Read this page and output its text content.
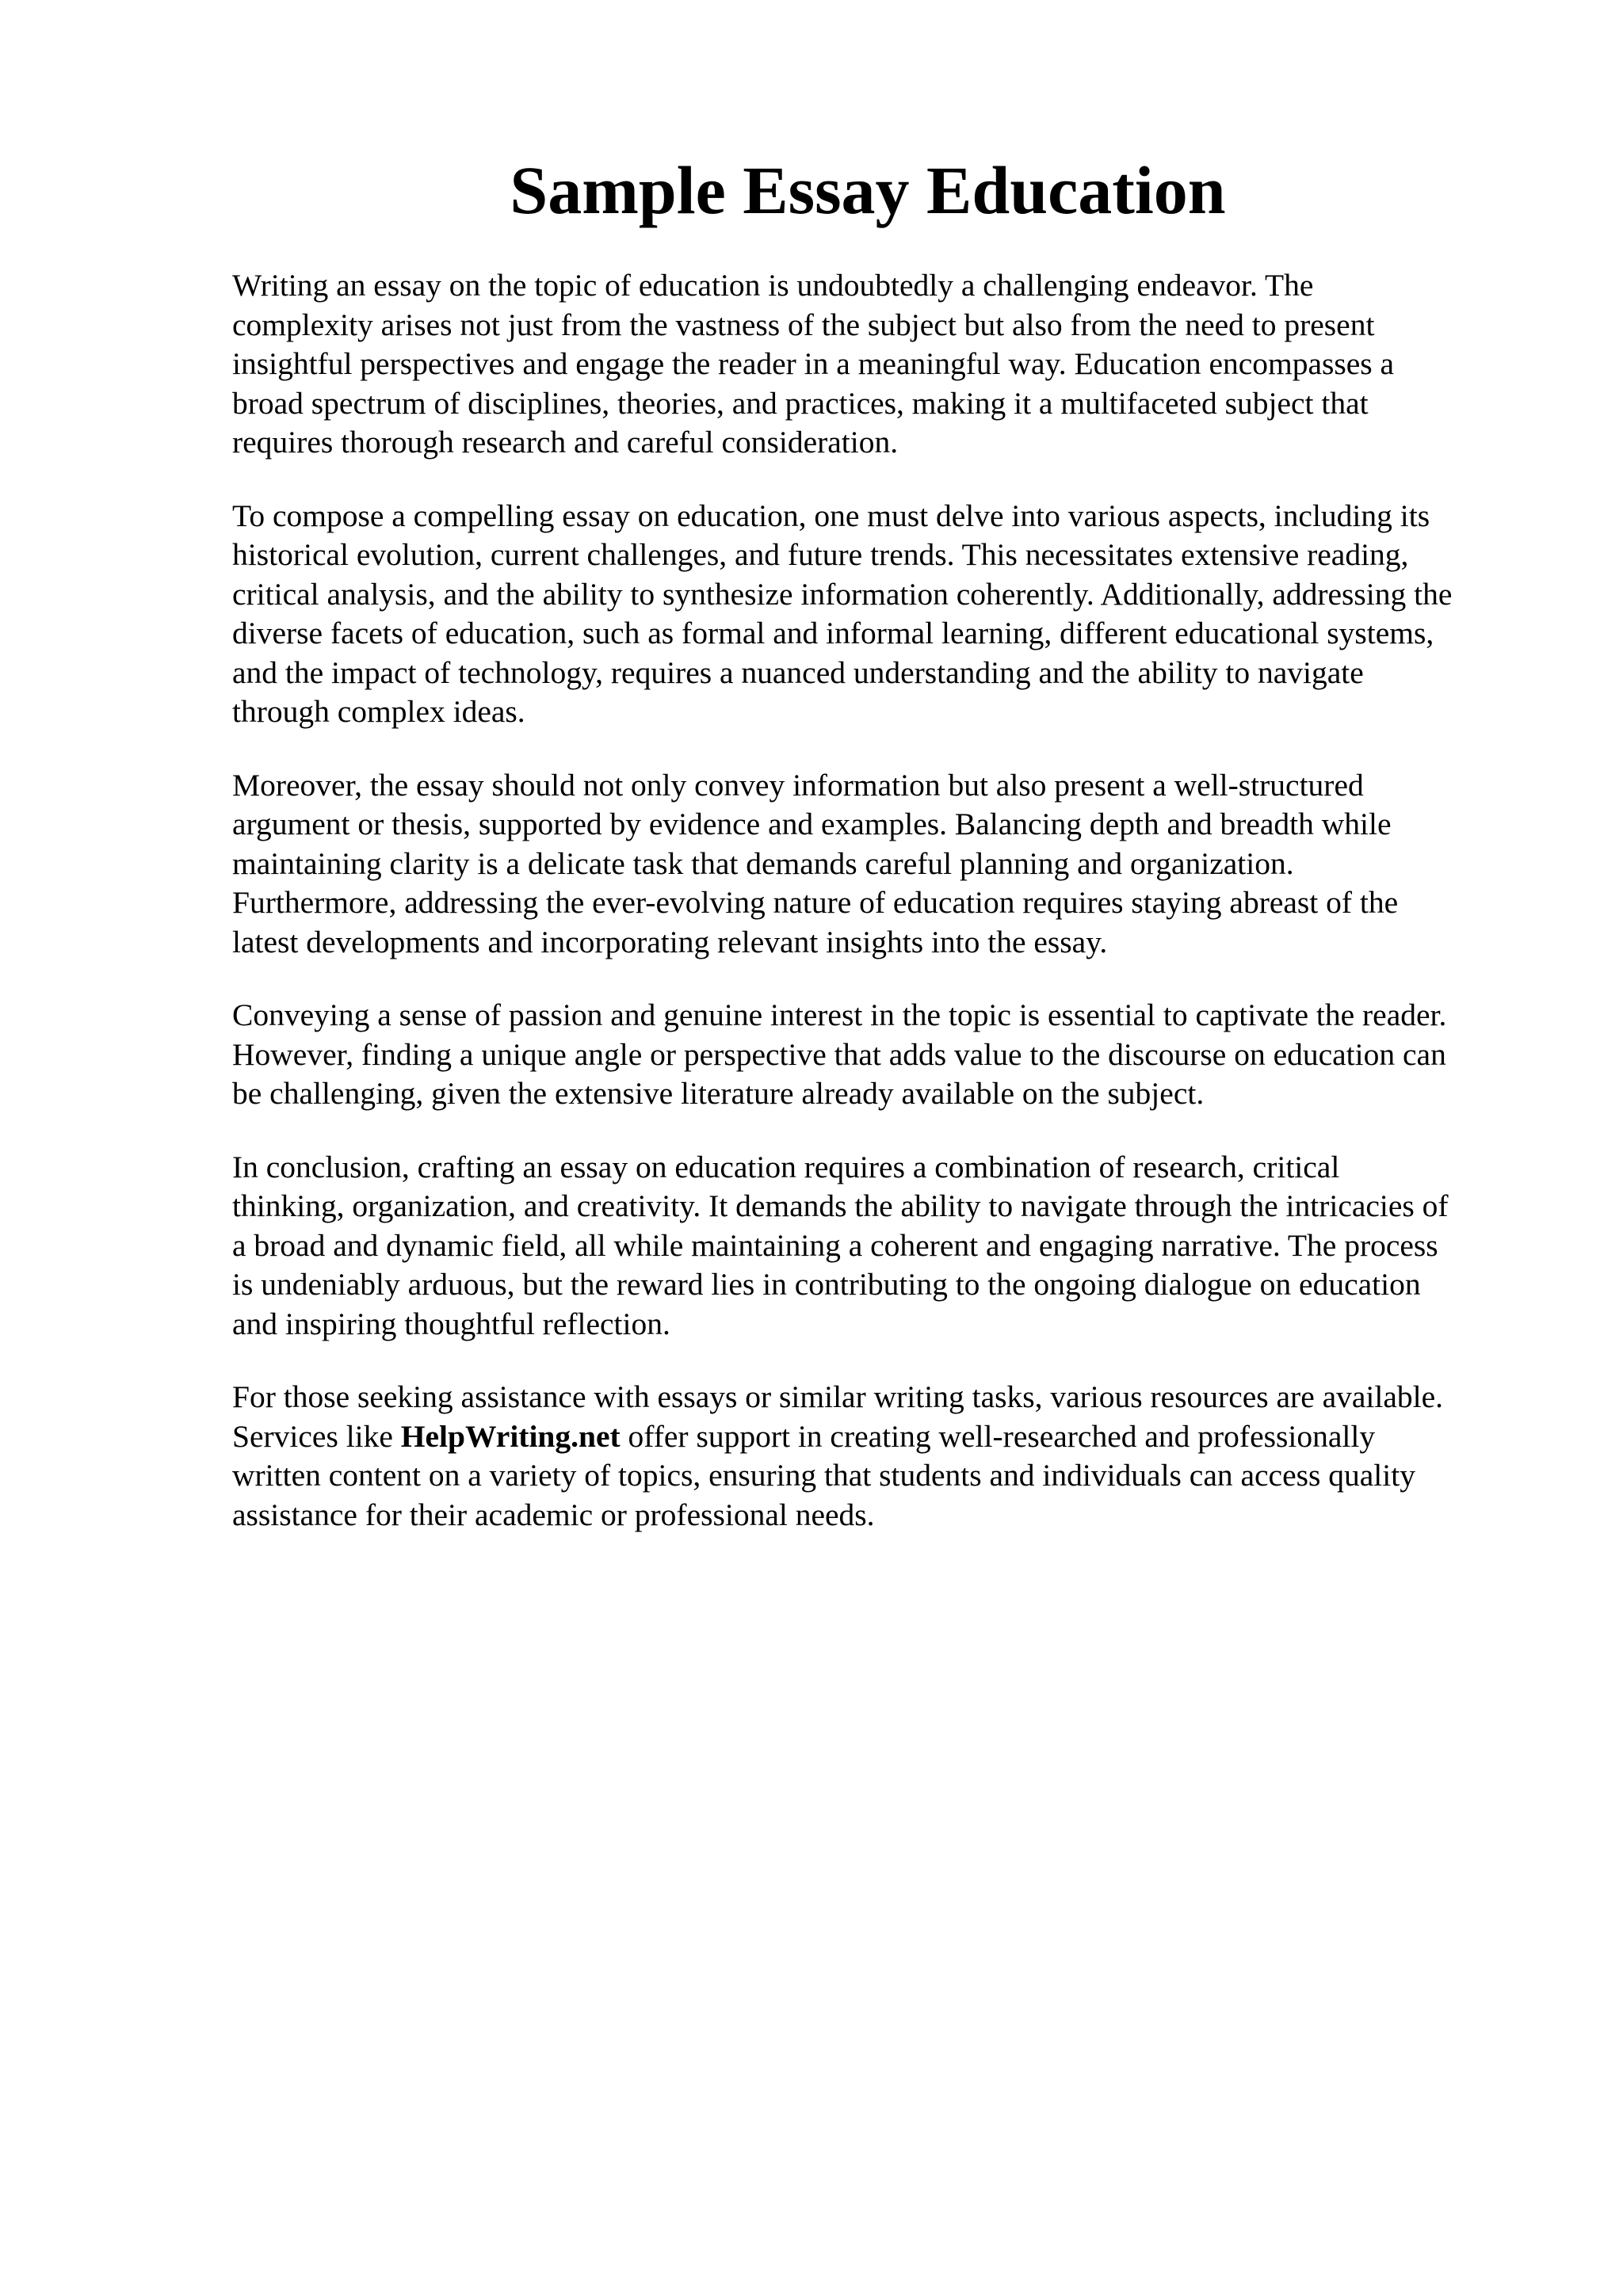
Sample Essay Education

Writing an essay on the topic of education is undoubtedly a challenging endeavor. The
complexity arises not just from the vastness of the subject but also from the need to present
insightful perspectives and engage the reader in a meaningful way. Education encompasses a
broad spectrum of disciplines, theories, and practices, making it a multifaceted subject that
requires thorough research and careful consideration.

To compose a compelling essay on education, one must delve into various aspects, including its
historical evolution, current challenges, and future trends. This necessitates extensive reading,
critical analysis, and the ability to synthesize information coherently. Additionally, addressing the
diverse facets of education, such as formal and informal learning, different educational systems,
and the impact of technology, requires a nuanced understanding and the ability to navigate
through complex ideas.

Moreover, the essay should not only convey information but also present a well-structured
argument or thesis, supported by evidence and examples. Balancing depth and breadth while
maintaining clarity is a delicate task that demands careful planning and organization.
Furthermore, addressing the ever-evolving nature of education requires staying abreast of the
latest developments and incorporating relevant insights into the essay.

Conveying a sense of passion and genuine interest in the topic is essential to captivate the reader.
However, finding a unique angle or perspective that adds value to the discourse on education can
be challenging, given the extensive literature already available on the subject.

In conclusion, crafting an essay on education requires a combination of research, critical
thinking, organization, and creativity. It demands the ability to navigate through the intricacies of
a broad and dynamic field, all while maintaining a coherent and engaging narrative. The process
is undeniably arduous, but the reward lies in contributing to the ongoing dialogue on education
and inspiring thoughtful reflection.

For those seeking assistance with essays or similar writing tasks, various resources are available.
Services like HelpWriting.net offer support in creating well-researched and professionally
written content on a variety of topics, ensuring that students and individuals can access quality
assistance for their academic or professional needs.
